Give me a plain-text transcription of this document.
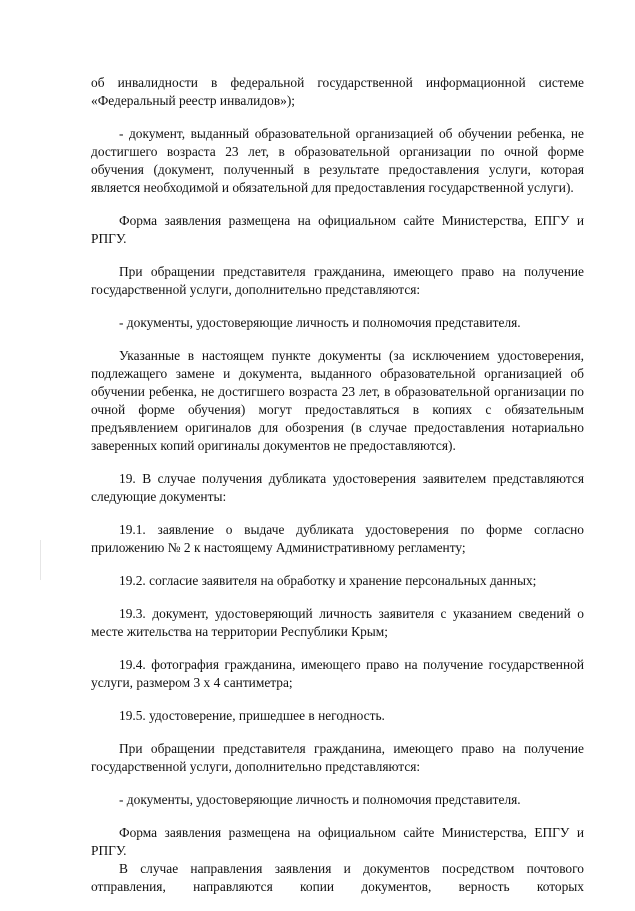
об инвалидности в федеральной государственной информационной системе «Федеральный реестр инвалидов»);

- документ, выданный образовательной организацией об обучении ребенка, не достигшего возраста 23 лет, в образовательной организации по очной форме обучения (документ, полученный в результате предоставления услуги, которая является необходимой и обязательной для предоставления государственной услуги).

Форма заявления размещена на официальном сайте Министерства, ЕПГУ и РПГУ.

При обращении представителя гражданина, имеющего право на получение государственной услуги, дополнительно представляются:

- документы, удостоверяющие личность и полномочия представителя.

Указанные в настоящем пункте документы (за исключением удостоверения, подлежащего замене и документа, выданного образовательной организацией об обучении ребенка, не достигшего возраста 23 лет, в образовательной организации по очной форме обучения) могут предоставляться в копиях с обязательным предъявлением оригиналов для обозрения (в случае предоставления нотариально заверенных копий оригиналы документов не предоставляются).

19. В случае получения дубликата удостоверения заявителем представляются следующие документы:

19.1. заявление о выдаче дубликата удостоверения по форме согласно приложению № 2 к настоящему Административному регламенту;

19.2. согласие заявителя на обработку и хранение персональных данных;

19.3. документ, удостоверяющий личность заявителя с указанием сведений о месте жительства на территории Республики Крым;

19.4. фотография гражданина, имеющего право на получение государственной услуги, размером 3 х 4 сантиметра;

19.5. удостоверение, пришедшее в негодность.

При обращении представителя гражданина, имеющего право на получение государственной услуги, дополнительно представляются:

- документы, удостоверяющие личность и полномочия представителя.

Форма заявления размещена на официальном сайте Министерства, ЕПГУ и РПГУ.

В случае направления заявления и документов посредством почтового отправления, направляются копии документов, верность которых
